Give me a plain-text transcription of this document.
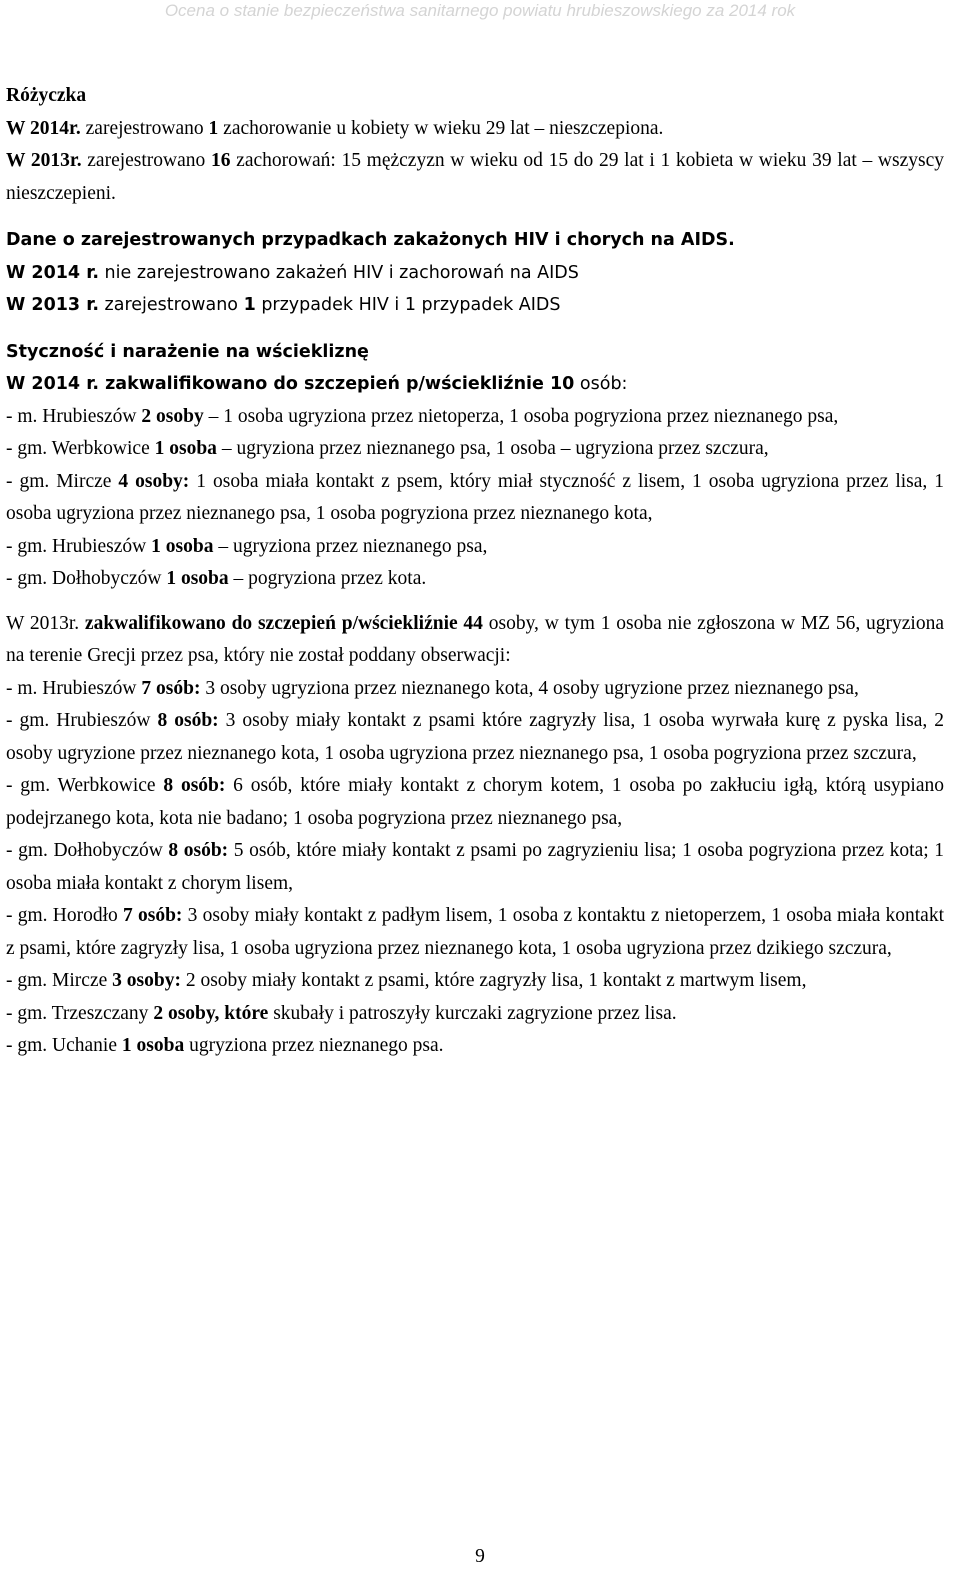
Ocena o stanie bezpieczeństwa sanitarnego powiatu hrubieszowskiego za 2014 rok

Różyczka

W 2014r. zarejestrowano 1 zachorowanie u kobiety w wieku 29 lat – nieszczepiona.

W 2013r. zarejestrowano 16 zachorowań: 15 mężczyzn w wieku od 15 do 29 lat i 1 kobieta w wieku 39 lat – wszyscy nieszczepieni.

Dane o zarejestrowanych przypadkach zakażonych HIV i chorych na AIDS.

W 2014 r. nie zarejestrowano zakażeń HIV i zachorowań na AIDS

W 2013 r. zarejestrowano 1 przypadek HIV i 1 przypadek AIDS

Styczność i narażenie na wściekliznę

W 2014 r. zakwalifikowano do szczepień p/wściekliźnie 10 osób:

- m. Hrubieszów 2 osoby – 1 osoba ugryziona przez nietoperza, 1 osoba pogryziona przez nieznanego psa,

- gm. Werbkowice 1 osoba – ugryziona przez nieznanego psa, 1 osoba – ugryziona przez szczura,

- gm. Mircze 4 osoby: 1 osoba miała kontakt z psem, który miał styczność z lisem, 1 osoba ugryziona przez lisa, 1 osoba ugryziona przez nieznanego psa, 1 osoba pogryziona przez nieznanego kota,

- gm. Hrubieszów 1 osoba – ugryziona przez nieznanego psa,

- gm. Dołhobyczów 1 osoba – pogryziona przez kota.

W 2013r. zakwalifikowano do szczepień p/wściekliźnie 44 osoby, w tym 1 osoba nie zgłoszona w MZ 56, ugryziona na terenie Grecji przez psa, który nie został poddany obserwacji:

- m. Hrubieszów 7 osób: 3 osoby ugryziona przez nieznanego kota, 4 osoby ugryzione przez nieznanego psa,

- gm. Hrubieszów 8 osób: 3 osoby miały kontakt z psami które zagryzły lisa, 1 osoba wyrwała kurę z pyska lisa, 2 osoby ugryzione przez nieznanego kota, 1 osoba ugryziona przez nieznanego psa, 1 osoba pogryziona przez szczura,

- gm. Werbkowice 8 osób: 6 osób, które miały kontakt z chorym kotem, 1 osoba po zakłuciu igłą, którą usypiano podejrzanego kota, kota nie badano; 1 osoba pogryziona przez nieznanego psa,

- gm. Dołhobyczów 8 osób: 5 osób, które miały kontakt z psami po zagryzieniu lisa; 1 osoba pogryziona przez kota; 1 osoba miała kontakt z chorym lisem,

- gm. Horodło 7 osób: 3 osoby miały kontakt z padłym lisem, 1 osoba z kontaktu z nietoperzem, 1 osoba miała kontakt z psami, które zagryzły lisa, 1 osoba ugryziona przez nieznanego kota, 1 osoba ugryziona przez dzikiego szczura,

- gm. Mircze 3 osoby: 2 osoby miały kontakt z psami, które zagryzły lisa, 1 kontakt z martwym lisem,

- gm. Trzeszczany 2 osoby, które skubały i patroszyły kurczaki zagryzione przez lisa.

- gm. Uchanie 1 osoba ugryziona przez nieznanego psa.

9
